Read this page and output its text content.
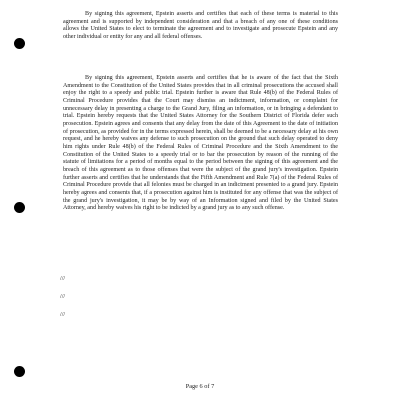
By signing this agreement, Epstein asserts and certifies that each of these terms is material to this agreement and is supported by independent consideration and that a breach of any one of these conditions allows the United States to elect to terminate the agreement and to investigate and prosecute Epstein and any other individual or entity for any and all federal offenses.

By signing this agreement, Epstein asserts and certifies that he is aware of the fact that the Sixth Amendment to the Constitution of the United States provides that in all criminal prosecutions the accused shall enjoy the right to a speedy and public trial. Epstein further is aware that Rule 48(b) of the Federal Rules of Criminal Procedure provides that the Court may dismiss an indictment, information, or complaint for unnecessary delay in presenting a charge to the Grand Jury, filing an information, or in bringing a defendant to trial. Epstein hereby requests that the United States Attorney for the Southern District of Florida defer such prosecution. Epstein agrees and consents that any delay from the date of this Agreement to the date of initiation of prosecution, as provided for in the terms expressed herein, shall be deemed to be a necessary delay at his own request, and he hereby waives any defense to such prosecution on the ground that such delay operated to deny him rights under Rule 48(b) of the Federal Rules of Criminal Procedure and the Sixth Amendment to the Constitution of the United States to a speedy trial or to bar the prosecution by reason of the running of the statute of limitations for a period of months equal to the period between the signing of this agreement and the breach of this agreement as to those offenses that were the subject of the grand jury's investigation. Epstein further asserts and certifies that he understands that the Fifth Amendment and Rule 7(a) of the Federal Rules of Criminal Procedure provide that all felonies must be charged in an indictment presented to a grand jury. Epstein hereby agrees and consents that, if a prosecution against him is instituted for any offense that was the subject of the grand jury's investigation, it may be by way of an Information signed and filed by the United States Attorney, and hereby waives his right to be indicted by a grand jury as to any such offense.

///
///
///
Page 6 of 7
